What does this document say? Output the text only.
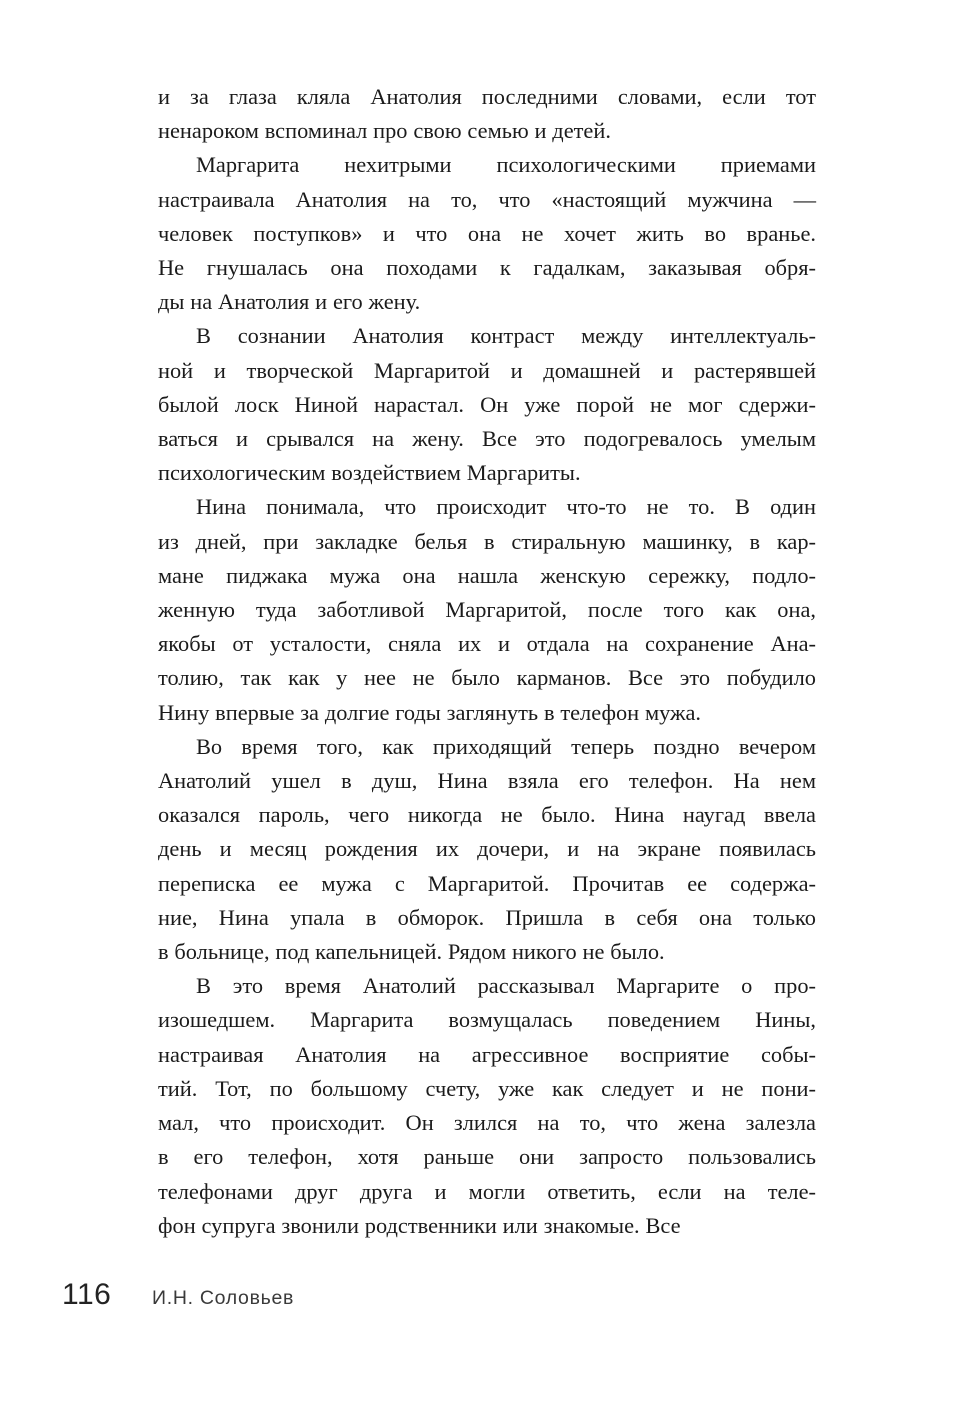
и за глаза кляла Анатолия последними словами, если тот
ненароком вспоминал про свою семью и детей.

Маргарита нехитрыми психологическими приемами
настраивала Анатолия на то, что «настоящий мужчина —
человек поступков» и что она не хочет жить во вранье.
Не гнушалась она походами к гадалкам, заказывая обря-
ды на Анатолия и его жену.

В сознании Анатолия контраст между интеллектуаль-
ной и творческой Маргаритой и домашней и растерявшей
былой лоск Ниной нарастал. Он уже порой не мог сдержи-
ваться и срывался на жену. Все это подогревалось умелым
психологическим воздействием Маргариты.

Нина понимала, что происходит что-то не то. В один
из дней, при закладке белья в стиральную машинку, в кар-
мане пиджака мужа она нашла женскую сережку, подло-
женную туда заботливой Маргаритой, после того как она,
якобы от усталости, сняла их и отдала на сохранение Ана-
толию, так как у нее не было карманов. Все это побудило
Нину впервые за долгие годы заглянуть в телефон мужа.

Во время того, как приходящий теперь поздно вечером
Анатолий ушел в душ, Нина взяла его телефон. На нем
оказался пароль, чего никогда не было. Нина наугад ввела
день и месяц рождения их дочери, и на экране появилась
переписка ее мужа с Маргаритой. Прочитав ее содержа-
ние, Нина упала в обморок. Пришла в себя она только
в больнице, под капельницей. Рядом никого не было.

В это время Анатолий рассказывал Маргарите о про-
изошедшем. Маргарита возмущалась поведением Нины,
настраивая Анатолия на агрессивное восприятие собы-
тий. Тот, по большому счету, уже как следует и не пони-
мал, что происходит. Он злился на то, что жена залезла
в его телефон, хотя раньше они запросто пользовались
телефонами друг друга и могли ответить, если на теле-
фон супруга звонили родственники или знакомые. Все

116	И.Н. Соловьев
